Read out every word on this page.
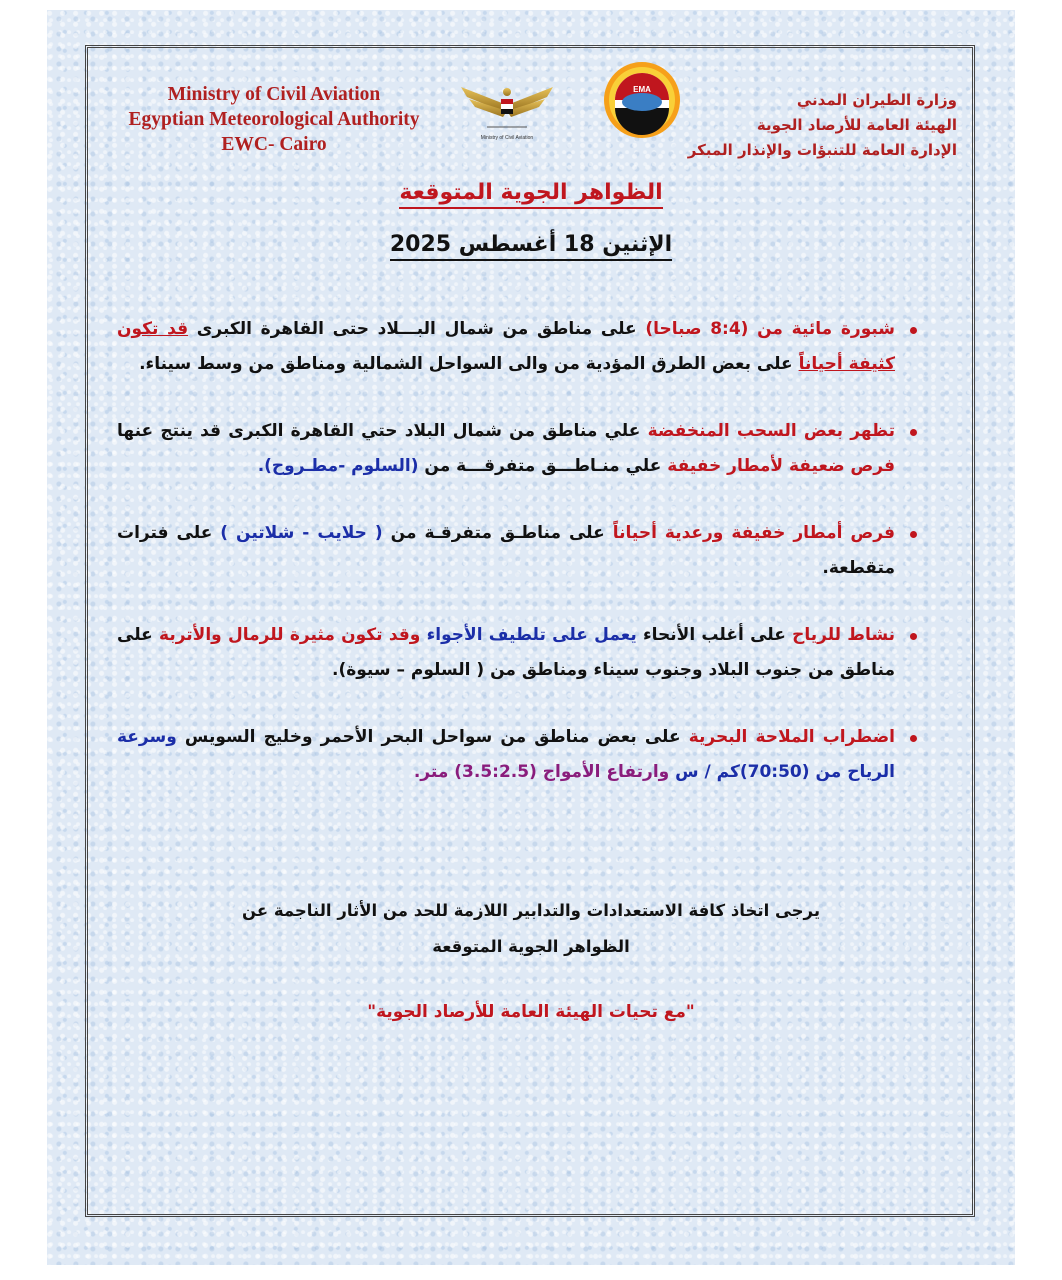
Ministry of Civil Aviation
Egyptian Meteorological Authority
EWC- Cairo	Ministry of Civil Aviation
EMA
وزارة الطيران المدني
الهيئة العامة للأرصاد الجوية
الإدارة العامة للتنبؤات والإنذار المبكر
الظواهر الجوية المتوقعة
الإثنين 18 أغسطس 2025

شبورة مائية من (8:4 صباحا) على مناطق من شمال البـــلاد حتى القاهرة الكبرى قد تكون كثيفة أحياناً على بعض الطرق المؤدية من والى السواحل الشمالية ومناطق من وسط سيناء.

تظهر بعض السحب المنخفضة علي مناطق من شمال البلاد حتي القاهرة الكبرى قد ينتج عنها فرص ضعيفة لأمطار خفيفة علي منـاطـــق متفرقـــة من (السلوم -مطـروح).

فرص أمطار خفيفة ورعدية أحياناً على مناطـق متفرقـة من ( حلايب - شلاتين ) على فترات متقطعة.

نشاط للرياح على أغلب الأنحاء يعمل على تلطيف الأجواء وقد تكون مثيرة للرمال والأتربة على مناطق من جنوب البلاد وجنوب سيناء ومناطق من ( السلوم – سيوة).

اضطراب الملاحة البحرية على بعض مناطق من سواحل البحر الأحمر وخليج السويس وسرعة الرياح من (70:50)كم / س وارتفاع الأمواج (3.5:2.5) متر.

يرجى اتخاذ كافة الاستعدادات والتدابير اللازمة للحد من الأثار الناجمة عن
الظواهر الجوية المتوقعة
"مع تحيات الهيئة العامة للأرصاد الجوية"
